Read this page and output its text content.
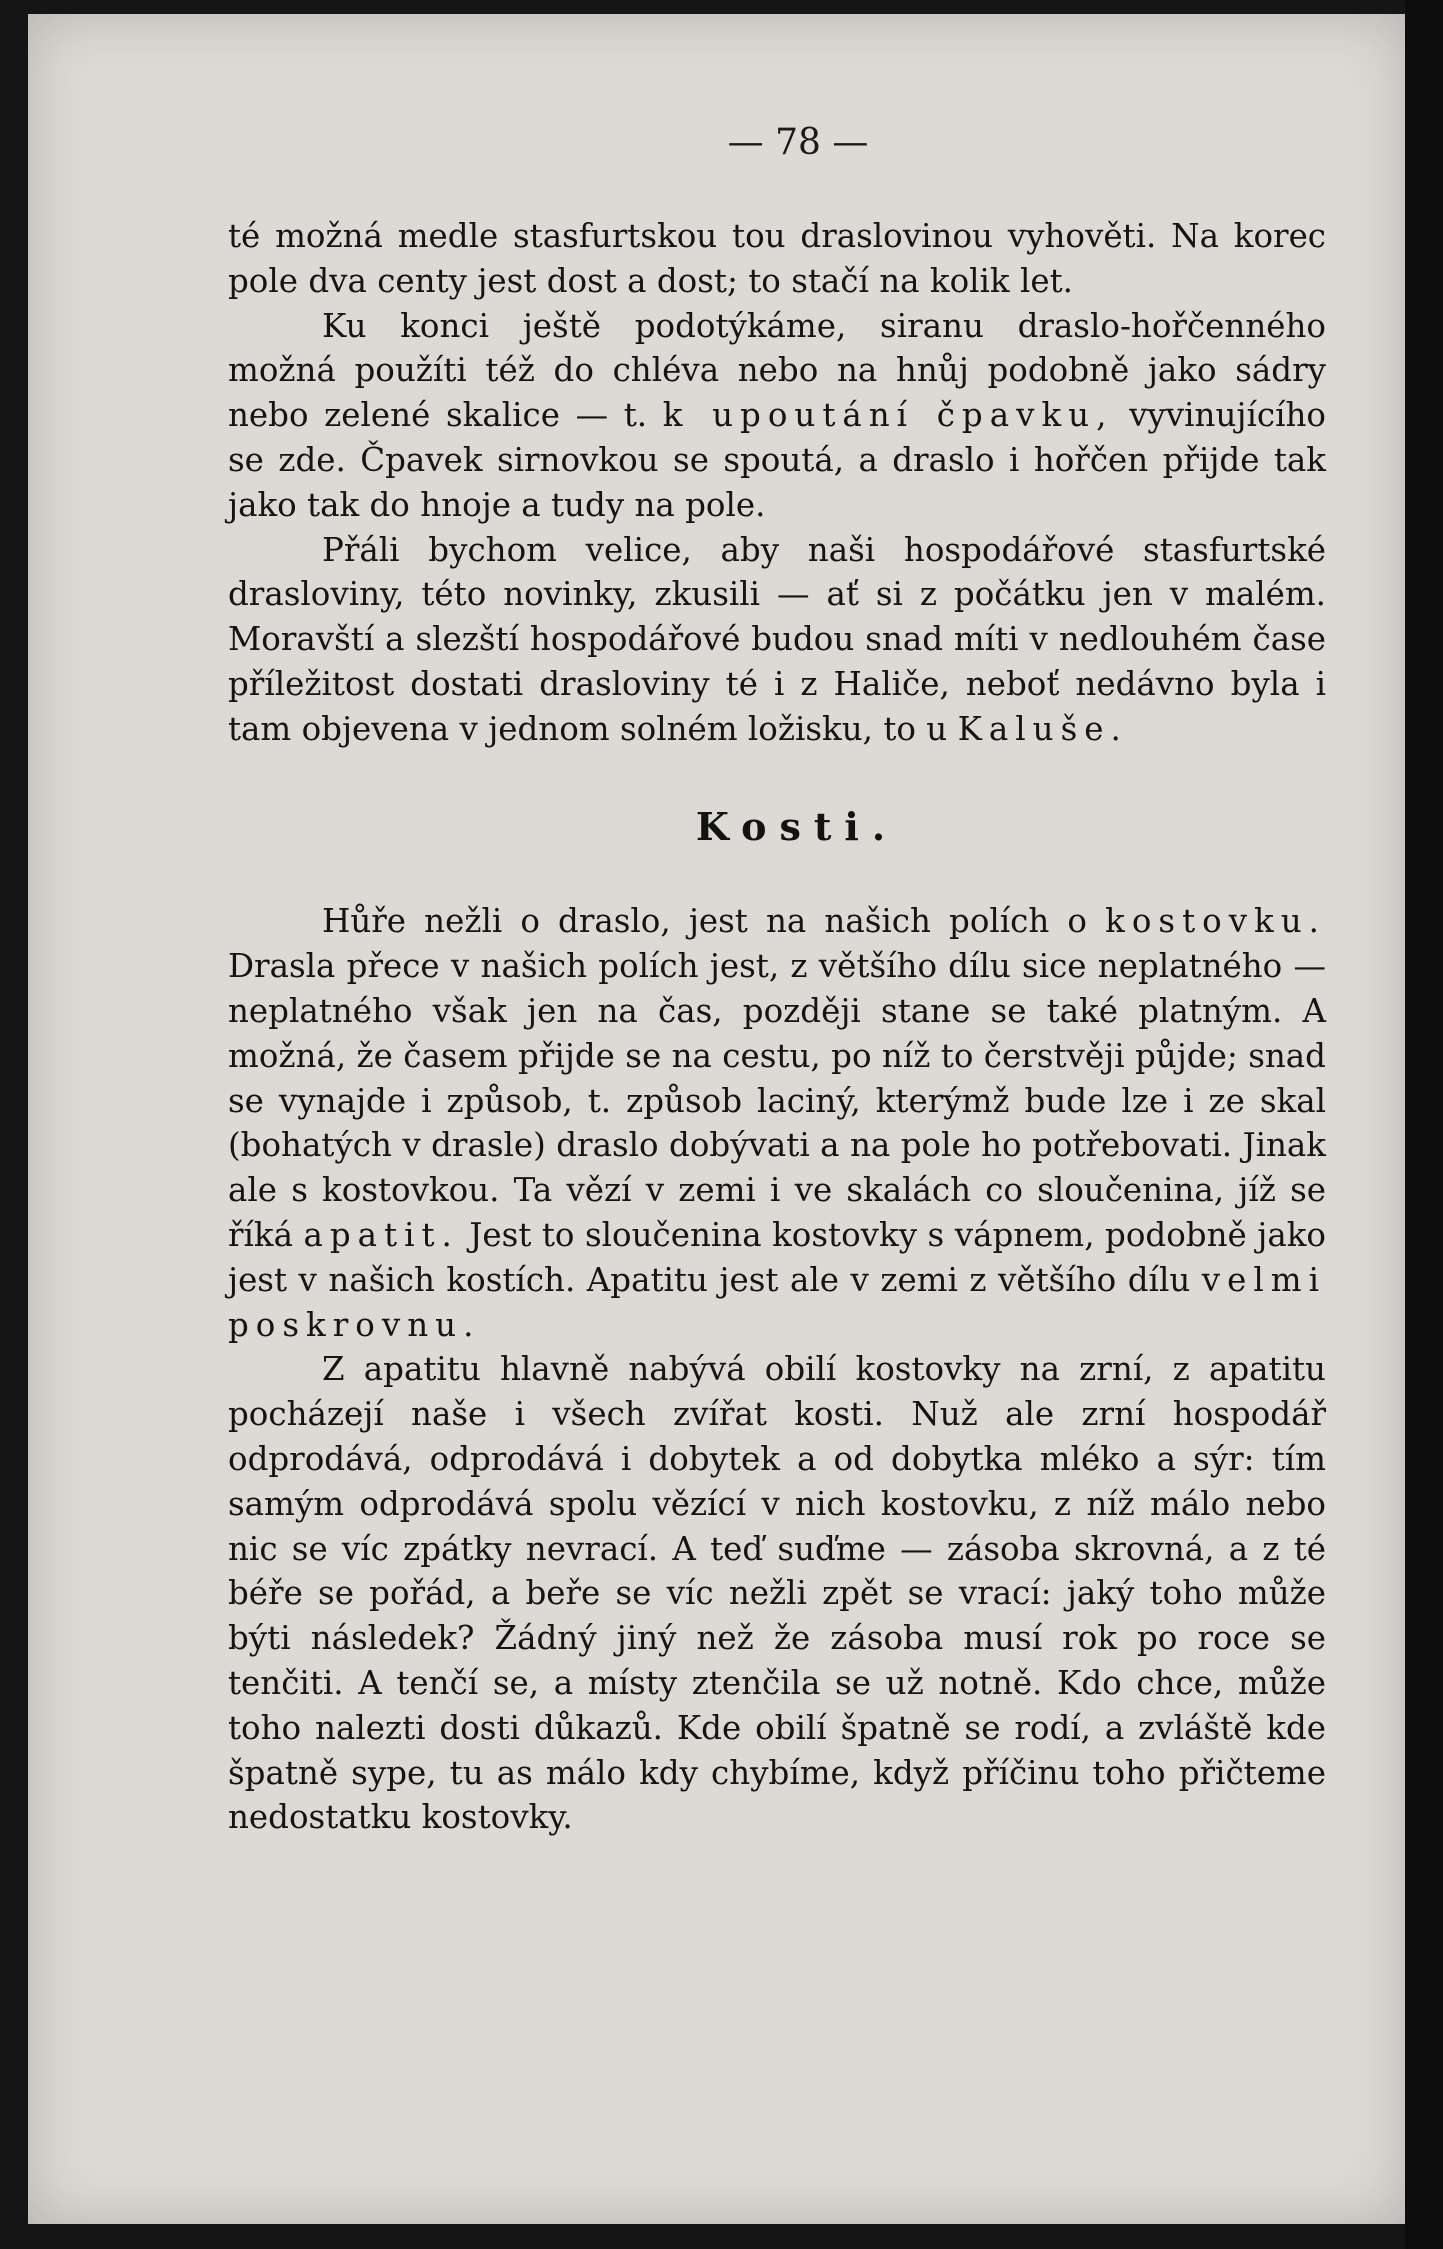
— 78 —

té možná medle stasfurtskou tou draslovinou vyhověti. Na korec pole dva centy jest dost a dost; to stačí na kolik let.

Ku konci ještě podotýkáme, siranu draslo-hořčenného možná použíti též do chléva nebo na hnůj podobně jako sádry nebo zelené skalice — t. k upoutání čpavku, vyvinujícího se zde. Čpavek sirnovkou se spoutá, a draslo i hořčen přijde tak jako tak do hnoje a tudy na pole.

Přáli bychom velice, aby naši hospodářové stasfurtské drasloviny, této novinky, zkusili — ať si z počátku jen v malém. Moravští a slezští hospodářové budou snad míti v nedlouhém čase příležitost dostati drasloviny té i z Haliče, neboť nedávno byla i tam objevena v jednom solném ložisku, to u Kaluše.

Kosti.

Hůře nežli o draslo, jest na našich polích o kostovku. Drasla přece v našich polích jest, z většího dílu sice neplatného — neplatného však jen na čas, později stane se také platným. A možná, že časem přijde se na cestu, po níž to čerstvěji půjde; snad se vynajde i způsob, t. způsob laciný, kterýmž bude lze i ze skal (bohatých v drasle) draslo dobývati a na pole ho potřebovati. Jinak ale s kostovkou. Ta vězí v zemi i ve skalách co sloučenina, jíž se říká apatit. Jest to sloučenina kostovky s vápnem, podobně jako jest v našich kostích. Apatitu jest ale v zemi z většího dílu velmi poskrovnu.

Z apatitu hlavně nabývá obilí kostovky na zrní, z apatitu pocházejí naše i všech zvířat kosti. Nuž ale zrní hospodář odprodává, odprodává i dobytek a od dobytka mléko a sýr: tím samým odprodává spolu vězící v nich kostovku, z níž málo nebo nic se víc zpátky nevrací. A teď suďme — zásoba skrovná, a z té béře se pořád, a beře se víc nežli zpět se vrací: jaký toho může býti následek? Žádný jiný než že zásoba musí rok po roce se tenčiti. A tenčí se, a místy ztenčila se už notně. Kdo chce, může toho nalezti dosti důkazů. Kde obilí špatně se rodí, a zvláště kde špatně sype, tu as málo kdy chybíme, když příčinu toho přičteme nedostatku kostovky.
